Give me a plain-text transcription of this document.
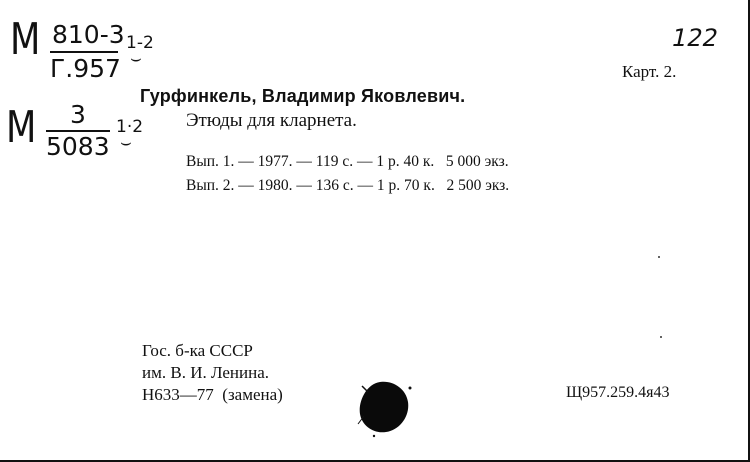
М 810-3
Г.957
1-2
⌣
М 3
5083
1·2
⌣
122
Карт. 2.
Гурфинкель, Владимир Яковлевич.
Этюды для кларнета.
Вып. 1. — 1977. — 119 с. — 1 р. 40 к.   5 000 экз.
Вып. 2. — 1980. — 136 с. — 1 р. 70 к.   2 500 экз.
Гос. б-ка СССР
им. В. И. Ленина.
Н633—77  (замена)	Щ957.259.4я43
